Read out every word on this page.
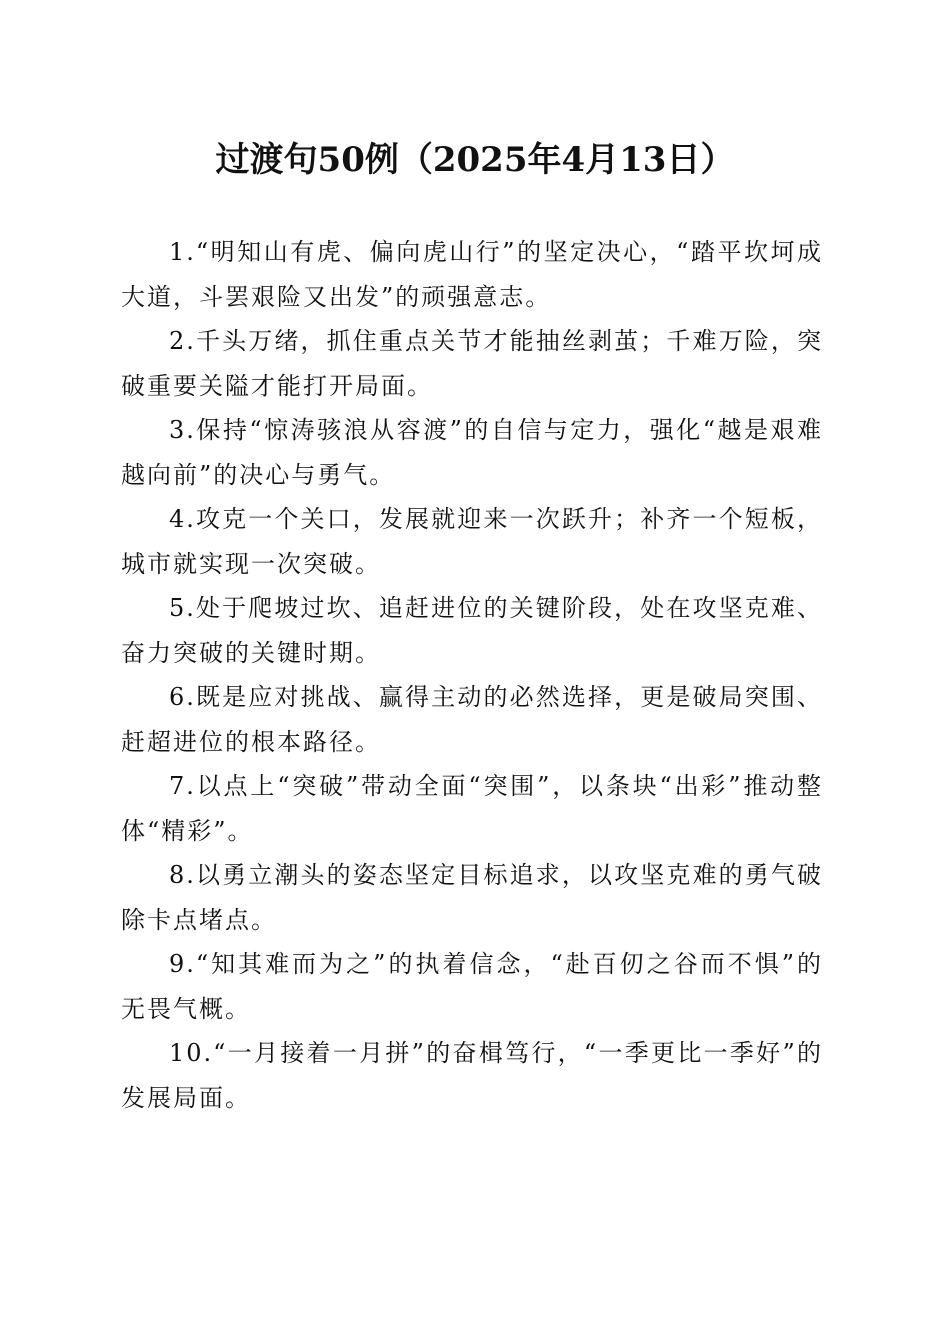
过渡句50例（2025年4月13日）
1.“明知山有虎、偏向虎山行”的坚定决心，“踏平坎坷成大道，斗罢艰险又出发”的顽强意志。
2.千头万绪，抓住重点关节才能抽丝剥茧；千难万险，突破重要关隘才能打开局面。
3.保持“惊涛骇浪从容渡”的自信与定力，强化“越是艰难越向前”的决心与勇气。
4.攻克一个关口，发展就迎来一次跃升；补齐一个短板，城市就实现一次突破。
5.处于爬坡过坎、追赶进位的关键阶段，处在攻坚克难、奋力突破的关键时期。
6.既是应对挑战、赢得主动的必然选择，更是破局突围、赶超进位的根本路径。
7.以点上“突破”带动全面“突围”，以条块“出彩”推动整体“精彩”。
8.以勇立潮头的姿态坚定目标追求，以攻坚克难的勇气破除卡点堵点。
9.“知其难而为之”的执着信念，“赴百仞之谷而不惧”的无畏气概。
10.“一月接着一月拼”的奋楫笃行，“一季更比一季好”的发展局面。
